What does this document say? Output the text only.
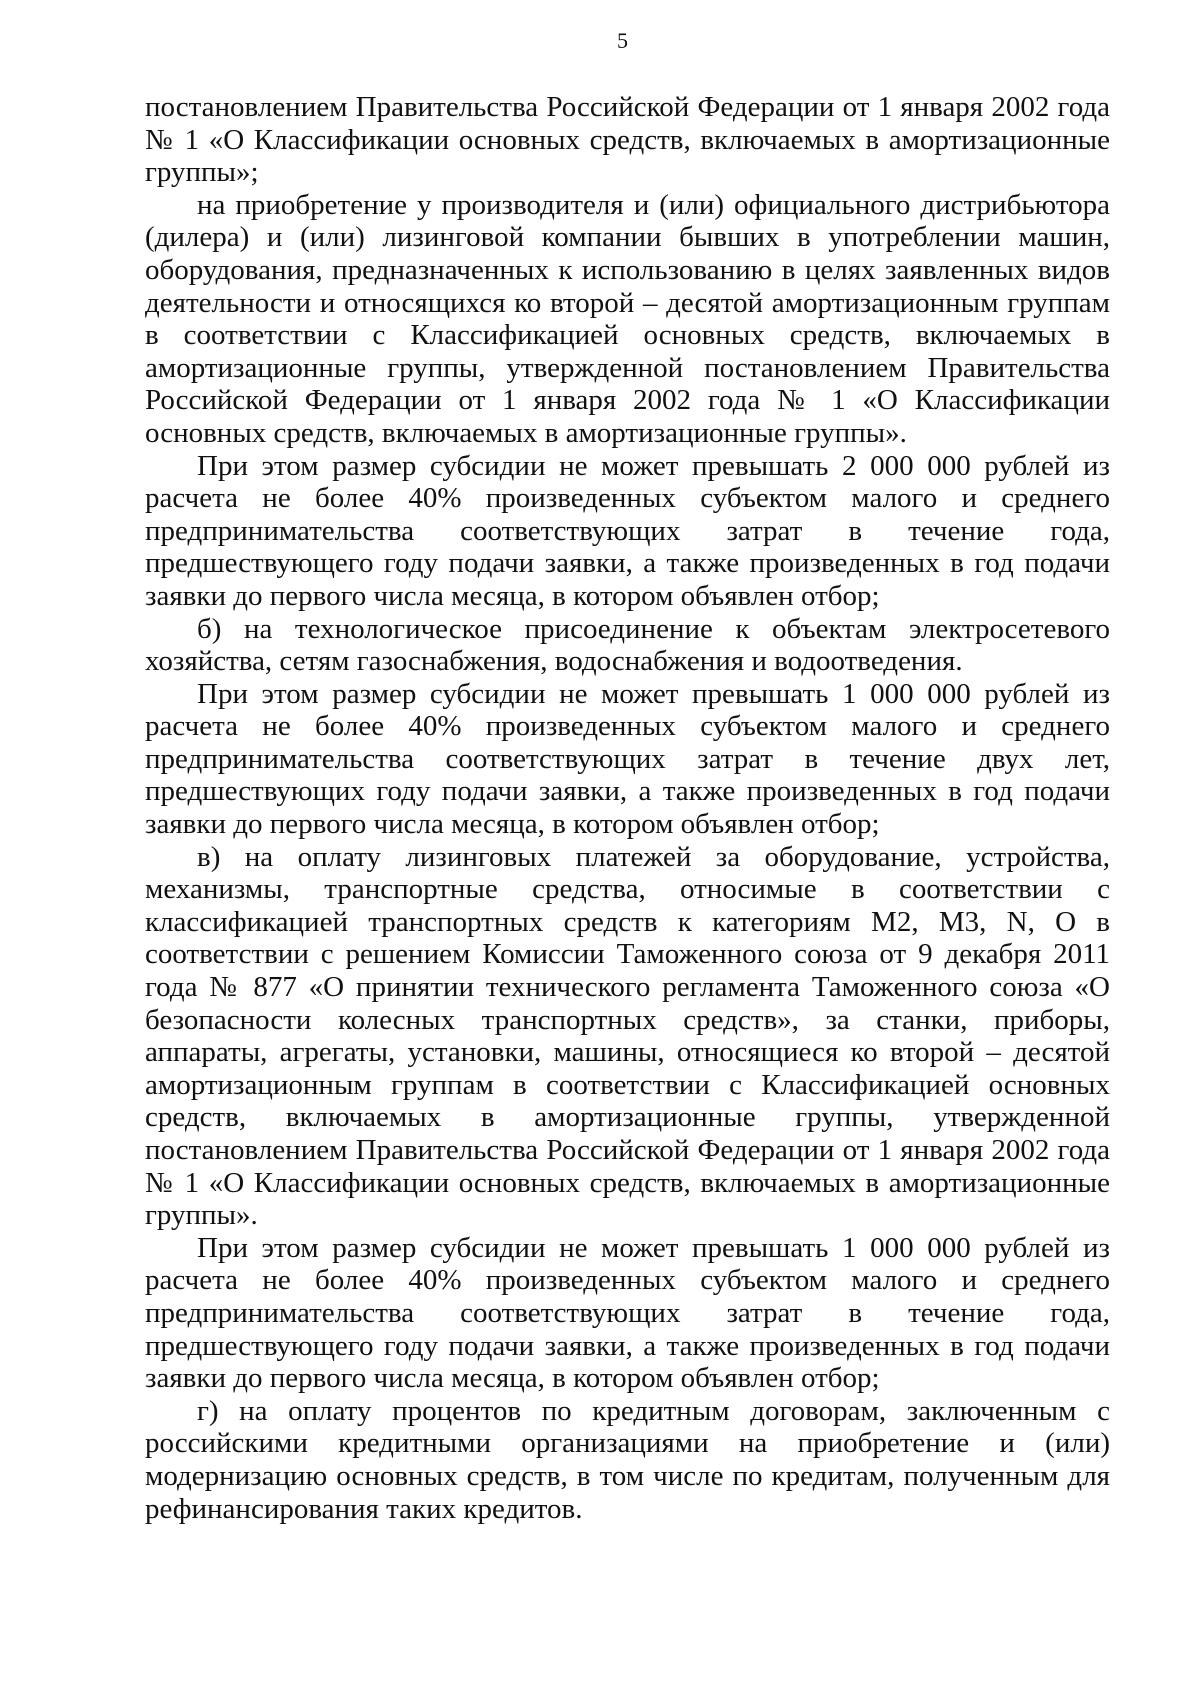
5

постановлением Правительства Российской Федерации от 1 января 2002 года № 1 «О Классификации основных средств, включаемых в амортизационные группы»;

на приобретение у производителя и (или) официального дистрибьютора (дилера) и (или) лизинговой компании бывших в употреблении машин, оборудования, предназначенных к использованию в целях заявленных видов деятельности и относящихся ко второй – десятой амортизационным группам в соответствии с Классификацией основных средств, включаемых в амортизационные группы, утвержденной постановлением Правительства Российской Федерации от 1 января 2002 года № 1 «О Классификации основных средств, включаемых в амортизационные группы».

При этом размер субсидии не может превышать 2 000 000 рублей из расчета не более 40% произведенных субъектом малого и среднего предпринимательства соответствующих затрат в течение года, предшествующего году подачи заявки, а также произведенных в год подачи заявки до первого числа месяца, в котором объявлен отбор;

б) на технологическое присоединение к объектам электросетевого хозяйства, сетям газоснабжения, водоснабжения и водоотведения.

При этом размер субсидии не может превышать 1 000 000 рублей из расчета не более 40% произведенных субъектом малого и среднего предпринимательства соответствующих затрат в течение двух лет, предшествующих году подачи заявки, а также произведенных в год подачи заявки до первого числа месяца, в котором объявлен отбор;

в) на оплату лизинговых платежей за оборудование, устройства, механизмы, транспортные средства, относимые в соответствии с классификацией транспортных средств к категориям M2, M3, N, O в соответствии с решением Комиссии Таможенного союза от 9 декабря 2011 года № 877 «О принятии технического регламента Таможенного союза «О безопасности колесных транспортных средств», за станки, приборы, аппараты, агрегаты, установки, машины, относящиеся ко второй – десятой амортизационным группам в соответствии с Классификацией основных средств, включаемых в амортизационные группы, утвержденной постановлением Правительства Российской Федерации от 1 января 2002 года № 1 «О Классификации основных средств, включаемых в амортизационные группы».

При этом размер субсидии не может превышать 1 000 000 рублей из расчета не более 40% произведенных субъектом малого и среднего предпринимательства соответствующих затрат в течение года, предшествующего году подачи заявки, а также произведенных в год подачи заявки до первого числа месяца, в котором объявлен отбор;

г) на оплату процентов по кредитным договорам, заключенным с российскими кредитными организациями на приобретение и (или) модернизацию основных средств, в том числе по кредитам, полученным для рефинансирования таких кредитов.
